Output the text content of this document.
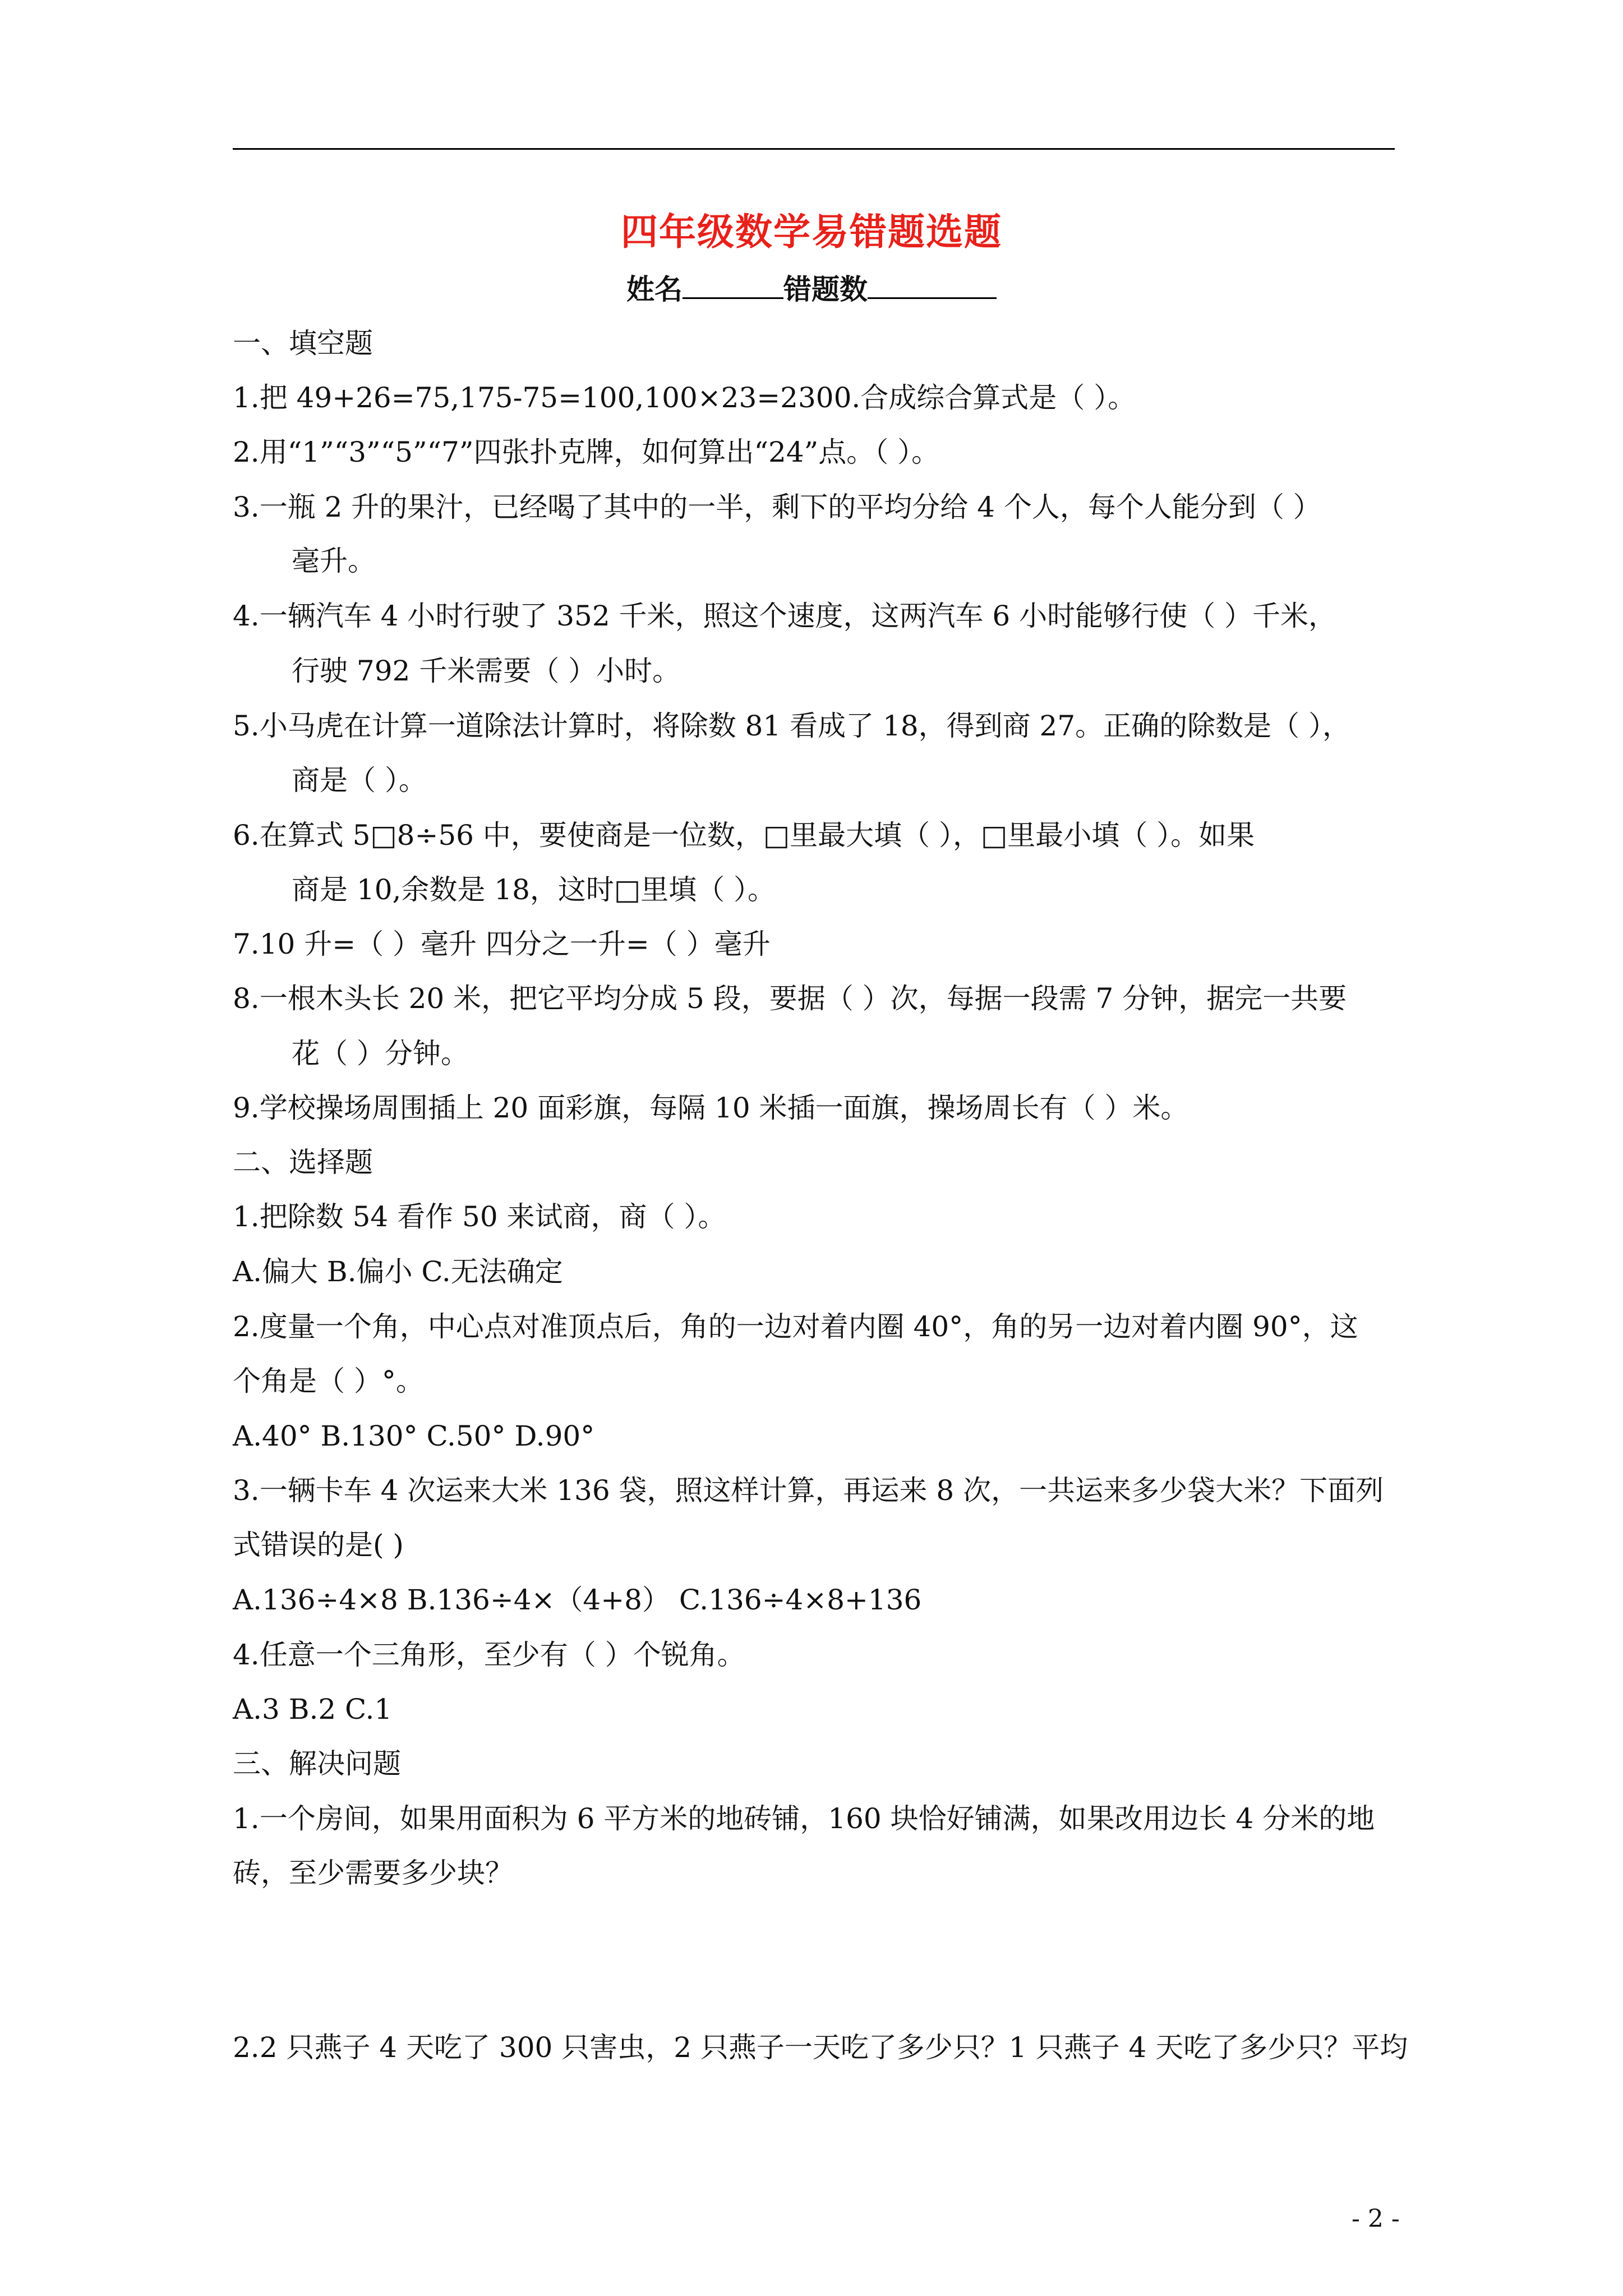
四年级数学易错题选题
姓名	错题数
一、填空题
1.把 49+26=75,175-75=100,100×23=2300.合成综合算式是（ ）。
2.用“1”“3”“5”“7”四张扑克牌，如何算出“24”点。（ ）。
3.一瓶 2 升的果汁，已经喝了其中的一半，剩下的平均分给 4 个人，每个人能分到（ ）
毫升。
4.一辆汽车 4 小时行驶了 352 千米，照这个速度，这两汽车 6 小时能够行使（ ）千米，
行驶 792 千米需要（ ）小时。
5.小马虎在计算一道除法计算时，将除数 81 看成了 18，得到商 27。正确的除数是（ ），
商是（ ）。
6.在算式 5□8÷56 中，要使商是一位数，□里最大填（ ），□里最小填（ ）。如果
商是 10,余数是 18，这时□里填（ ）。
7.10 升=（ ）毫升 四分之一升=（ ）毫升
8.一根木头长 20 米，把它平均分成 5 段，要据（ ）次，每据一段需 7 分钟，据完一共要
花（ ）分钟。
9.学校操场周围插上 20 面彩旗，每隔 10 米插一面旗，操场周长有（ ）米。
二、选择题
1.把除数 54 看作 50 来试商，商（ ）。
A.偏大 B.偏小 C.无法确定
2.度量一个角，中心点对准顶点后，角的一边对着内圈 40°，角的另一边对着内圈 90°，这
个角是（ ）°。
A.40° B.130° C.50° D.90°
3.一辆卡车 4 次运来大米 136 袋，照这样计算，再运来 8 次，一共运来多少袋大米？下面列
式错误的是( )
A.136÷4×8 B.136÷4×（4+8） C.136÷4×8+136
4.任意一个三角形，至少有（ ）个锐角。
A.3 B.2 C.1
三、解决问题
1.一个房间，如果用面积为 6 平方米的地砖铺，160 块恰好铺满，如果改用边长 4 分米的地
砖，至少需要多少块？
2.2 只燕子 4 天吃了 300 只害虫，2 只燕子一天吃了多少只？1 只燕子 4 天吃了多少只？平均
- 2 -
